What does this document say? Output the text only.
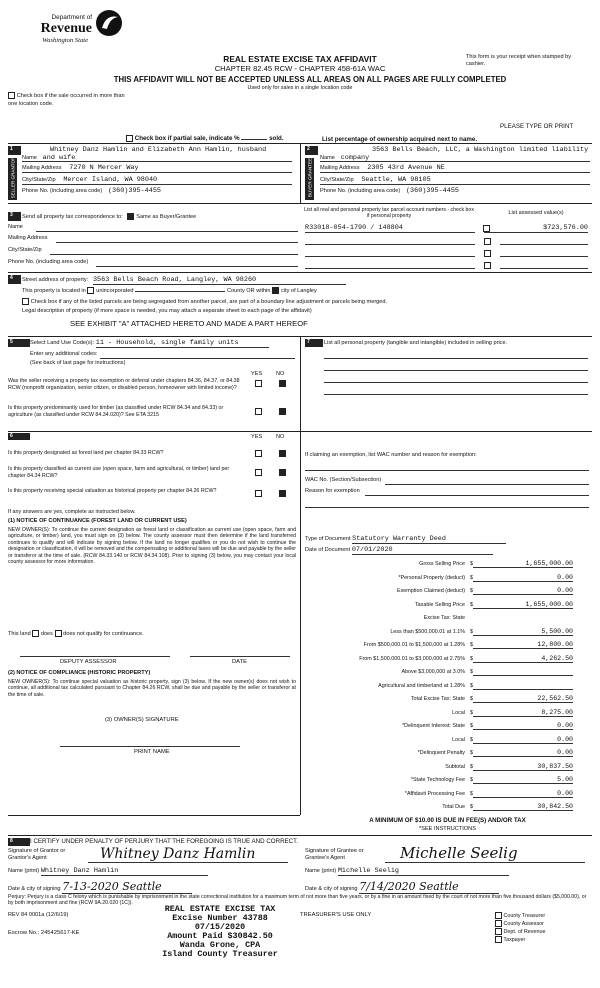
Department of
Revenue
Washington State
REAL ESTATE EXCISE TAX AFFIDAVIT
CHAPTER 82.45 RCW - CHAPTER 458-61A WAC
This form is your receipt when stamped by cashier.
THIS AFFIDAVIT WILL NOT BE ACCEPTED UNLESS ALL AREAS ON ALL PAGES ARE FULLY COMPLETED
Used only for sales in a single location code
Check box if the sale occurred in more than one location code.
PLEASE TYPE OR PRINT
Check box if partial sale, indicate %	sold.	List percentage of ownership acquired next to name.
1
SELLER GRANTOR
Whitney Danz Hamlin and Elizabeth Ann Hamlin, husband
Name and wife
Mailing Address 7270 N Mercer Way
City/State/Zip Mercer Island, WA 98040
Phone No. (including area code) (360)395-4455
2
BUYER GRANTEE
3563 Bells Beach, LLC, a Washington limited liability
Name company
Mailing Address 2305 43rd Avenue NE
City/State/Zip Seattle, WA 98105
Phone No. (including area code) (360)395-4455
3	Send all property tax correspondence to: Same as Buyer/Grantee
Name
Mailing Address
City/State/Zip
Phone No. (including area code)
List all real and personal property tax parcel account numbers - check box if personal property
List assessed value(s)
R33018-054-1790 / 148804	$723,576.00
4	Street address of property: 3563 Bells Beach Road, Langley, WA 98260
This property is located in unincorporated	County OR within city of Langley
Check box if any of the listed parcels are being segregated from another parcel, are part of a boundary line adjustment or parcels being merged.
Legal description of property (if more space is needed, you may attach a separate sheet to each page of the affidavit)
SEE EXHIBIT "A" ATTACHED HERETO AND MADE A PART HEREOF
5	Select Land Use Code(s): 11 - Household, single family units
Enter any additional codes:
(See back of last page for instructions)
YES NO
Was the seller receiving a property tax exemption or deferral under chapters 84.36, 84.37, or 84.38 RCW (nonprofit organization, senior citizen, or disabled person, homeowner with limited income)?
Is this property predominantly used for timber (as classified under RCW 84.34 and 84.33) or agriculture (as classified under RCW 84.34.020)? See ETA 3215
7	List all personal property (tangible and intangible) included in selling price.
6	YES NO
Is this property designated as forest land per chapter 84.33 RCW?
Is this property classified as current use (open space, farm and agricultural, or timber) land per chapter 84.34 RCW?
Is this property receiving special valuation as historical property per chapter 84.26 RCW?
If any answers are yes, complete as instructed below.
(1) NOTICE OF CONTINUANCE (FOREST LAND OR CURRENT USE)
NEW OWNER(S): To continue the current designation as forest land or classification as current use (open space, farm and agriculture, or timber) land, you must sign on (3) below. The county assessor must then determine if the land transferred continues to qualify and will indicate by signing below. If the land no longer qualifies or you do not wish to continue the designation or classification, it will be removed and the compensating or additional taxes will be due and payable by the seller or transferor at the time of sale. (RCW 84.33.140 or RCW 84.34.108). Prior to signing (3) below, you may contact your local county assessor for more information.
This land does does not qualify for continuance.
DEPUTY ASSESSOR	DATE
(2) NOTICE OF COMPLIANCE (HISTORIC PROPERTY)
NEW OWNER(S): To continue special valuation as historic property, sign (3) below. If the new owner(s) does not wish to continue, all additional tax calculated pursuant to Chapter 84.26 RCW, shall be due and payable by the seller or transferor at the time of sale.
(3) OWNER(S) SIGNATURE
PRINT NAME
If claiming an exemption, list WAC number and reason for exemption:
WAC No. (Section/Subsection)
Reason for exemption
Type of Document Statutory Warranty Deed
Date of Document 07/01/2020
Gross Selling Price $	1,655,000.00
*Personal Property (deduct) $	0.00
Exemption Claimed (deduct) $	0.00
Taxable Selling Price $	1,655,000.00
Excise Tax: State
Less than $500,000.01 at 1.1% $	5,500.00
From $500,000.01 to $1,500,000 at 1.28% $	12,800.00
From $1,500,000.01 to $3,000,000 at 2.75% $	4,262.50
Above $3,000,000 at 3.0% $

Agricultural and timberland at 1.28% $

Total Excise Tax: State $	22,562.50
Local $	8,275.00
*Delinquent Interest: State $	0.00
Local $	0.00
*Delinquent Penalty $	0.00
Subtotal $	30,837.50
*State Technology Fee $	5.00
*Affidavit Processing Fee $	0.00
Total Due $	30,842.50
A MINIMUM OF $10.00 IS DUE IN FEE(S) AND/OR TAX
*SEE INSTRUCTIONS
8	I CERTIFY UNDER PENALTY OF PERJURY THAT THE FOREGOING IS TRUE AND CORRECT.
Signature of Grantor or Grantor's Agent	Whitney Danz Hamlin	Signature of Grantee or Grantee's Agent	Michelle Seelig
Name (print) Whitney Danz Hamlin	Name (print) Michelle Seelig
Date & city of signing 7-13-2020 Seattle	Date & city of signing 7/14/2020 Seattle
Perjury: Perjury is a class C felony which is punishable by imprisonment in the state correctional institution for a maximum term of not more than five years, or by a fine in an amount fixed by the court of not more than five thousand dollars ($5,000.00), or by both imprisonment and fine (RCW 9A.20.020 (1C)).
REV 84 0001a (12/6/19)
Escrow No.: 245425617-KE
TREASURER'S USE ONLY	County Treasurer
County Assessor
Dept. of Revenue
Taxpayer
REAL ESTATE EXCISE TAX
Excise Number 43788
07/15/2020
Amount Paid $30842.50
Wanda Grone, CPA
Island County Treasurer
